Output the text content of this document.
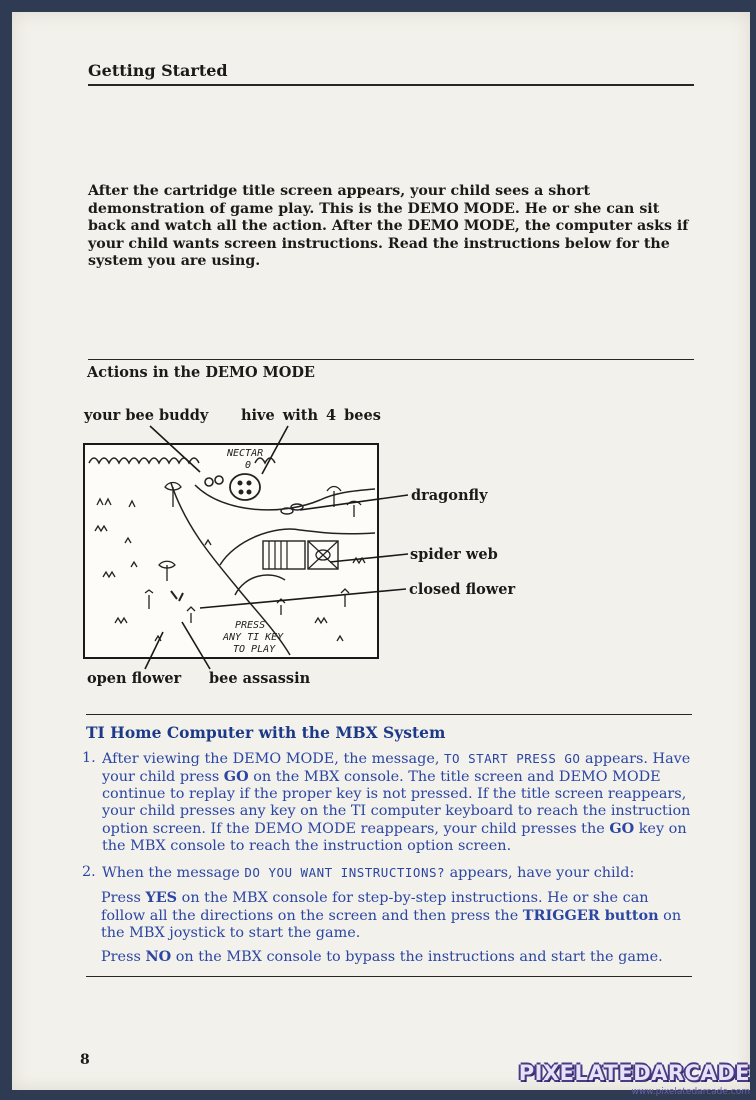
Getting Started
After the cartridge title screen appears, your child sees a short demonstration of game play. This is the DEMO MODE. He or she can sit back and watch all the action. After the DEMO MODE, the computer asks if your child wants screen instructions. Read the instructions below for the system you are using.
Actions in the DEMO MODE
your bee buddy hive with 4 bees
dragonfly
spider web
closed flower
open flower bee assassin
NECTAR
0
PRESS
ANY TI KEY
TO PLAY
TI Home Computer with the MBX System
1. After viewing the DEMO MODE, the message, TO START PRESS GO appears. Have your child press GO on the MBX console. The title screen and DEMO MODE continue to replay if the proper key is not pressed. If the title screen reappears, your child presses any key on the TI computer keyboard to reach the instruction option screen. If the DEMO MODE reappears, your child presses the GO key on the MBX console to reach the instruction option screen.
2. When the message DO YOU WANT INSTRUCTIONS? appears, have your child:
Press YES on the MBX console for step-by-step instructions. He or she can follow all the directions on the screen and then press the TRIGGER button on the MBX joystick to start the game.
Press NO on the MBX console to bypass the instructions and start the game.
8
PIXELATEDARCADE
www.pixelatedarcade.com
